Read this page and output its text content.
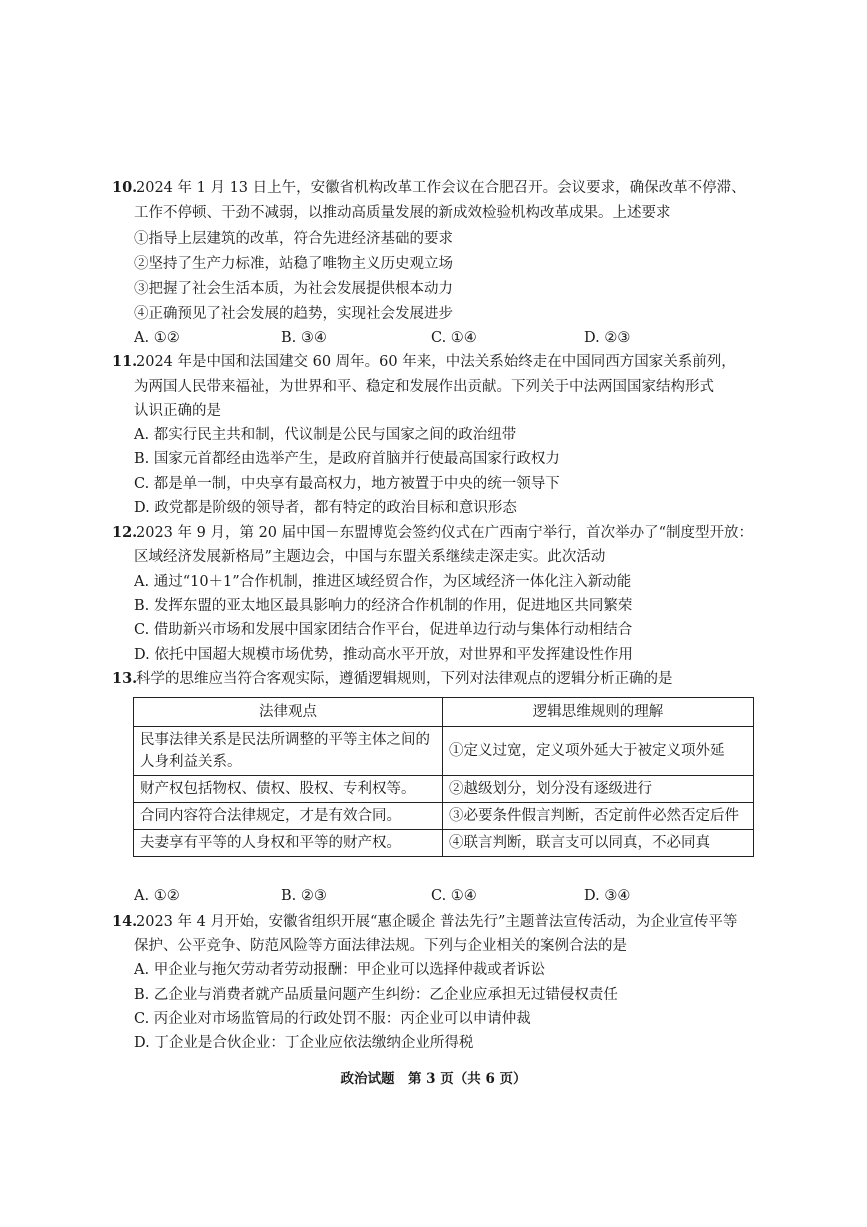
10.
2024 年 1 月 13 日上午，安徽省机构改革工作会议在合肥召开。会议要求，确保改革不停滞、
工作不停顿、干劲不减弱，以推动高质量发展的新成效检验机构改革成果。上述要求
①指导上层建筑的改革，符合先进经济基础的要求
②坚持了生产力标准，站稳了唯物主义历史观立场
③把握了社会生活本质，为社会发展提供根本动力
④正确预见了社会发展的趋势，实现社会发展进步
A. ①②	B. ③④	C. ①④	D. ②③
11.
2024 年是中国和法国建交 60 周年。60 年来，中法关系始终走在中国同西方国家关系前列，
为两国人民带来福祉，为世界和平、稳定和发展作出贡献。下列关于中法两国国家结构形式
认识正确的是
A. 都实行民主共和制，代议制是公民与国家之间的政治纽带
B. 国家元首都经由选举产生，是政府首脑并行使最高国家行政权力
C. 都是单一制，中央享有最高权力，地方被置于中央的统一领导下
D. 政党都是阶级的领导者，都有特定的政治目标和意识形态
12.
2023 年 9 月，第 20 届中国－东盟博览会签约仪式在广西南宁举行，首次举办了“制度型开放：
区域经济发展新格局”主题边会，中国与东盟关系继续走深走实。此次活动
A. 通过“10＋1”合作机制，推进区域经贸合作，为区域经济一体化注入新动能
B. 发挥东盟的亚太地区最具影响力的经济合作机制的作用，促进地区共同繁荣
C. 借助新兴市场和发展中国家团结合作平台，促进单边行动与集体行动相结合
D. 依托中国超大规模市场优势，推动高水平开放，对世界和平发挥建设性作用
13.
科学的思维应当符合客观实际，遵循逻辑规则，下列对法律观点的逻辑分析正确的是
法律观点	逻辑思维规则的理解
民事法律关系是民法所调整的平等主体之间的人身利益关系。	①定义过宽，定义项外延大于被定义项外延
财产权包括物权、债权、股权、专利权等。	②越级划分，划分没有逐级进行
合同内容符合法律规定，才是有效合同。	③必要条件假言判断，否定前件必然否定后件
夫妻享有平等的人身权和平等的财产权。	④联言判断，联言支可以同真，不必同真
A. ①②	B. ②③	C. ①④	D. ③④
14.
2023 年 4 月开始，安徽省组织开展“惠企暖企 普法先行”主题普法宣传活动，为企业宣传平等
保护、公平竞争、防范风险等方面法律法规。下列与企业相关的案例合法的是
A. 甲企业与拖欠劳动者劳动报酬：甲企业可以选择仲裁或者诉讼
B. 乙企业与消费者就产品质量问题产生纠纷：乙企业应承担无过错侵权责任
C. 丙企业对市场监管局的行政处罚不服：丙企业可以申请仲裁
D. 丁企业是合伙企业：丁企业应依法缴纳企业所得税
政治试题　第 3 页（共 6 页）
